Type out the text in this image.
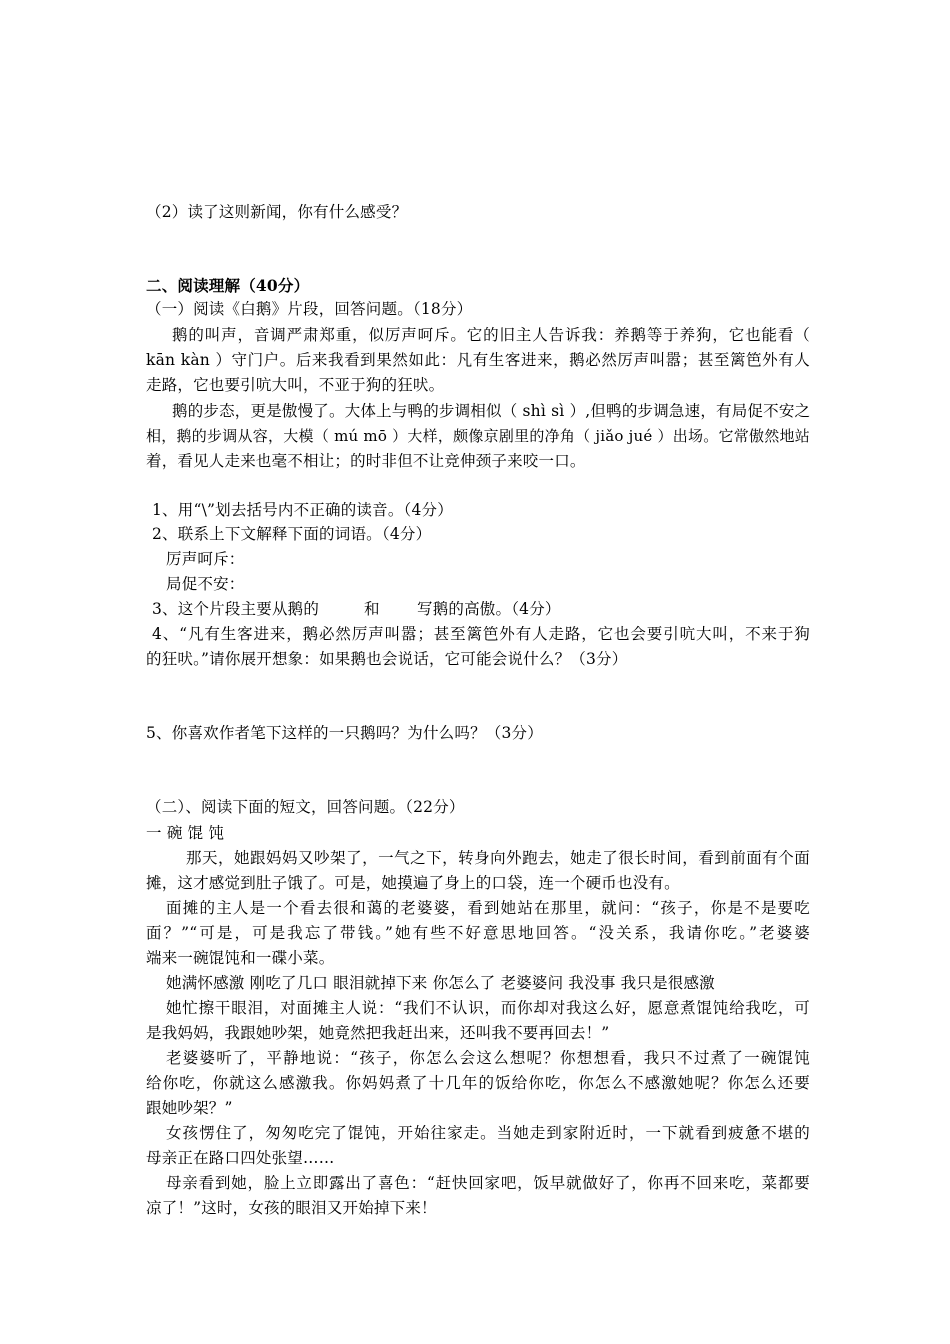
（2）读了这则新闻，你有什么感受？
二、阅读理解（40分）
（一）阅读《白鹅》片段，回答问题。（18分）
鹅的叫声，音调严肃郑重，似厉声呵斥。它的旧主人告诉我：养鹅等于养狗，它也能看（
kān kàn ）守门户。后来我看到果然如此：凡有生客进来，鹅必然厉声叫嚣；甚至篱笆外有人
走路，它也要引吭大叫，不亚于狗的狂吠。
鹅的步态，更是傲慢了。大体上与鸭的步调相似（ shì sì ）,但鸭的步调急速，有局促不安之
相，鹅的步调从容，大模（ mú mō ）大样，颇像京剧里的净角（ jiǎo jué ）出场。它常傲然地站
着，看见人走来也毫不相让；的时非但不让竞伸颈子来咬一口。
1、用“\”划去括号内不正确的读音。（4分）
2、联系上下文解释下面的词语。（4分）
厉声呵斥：
局促不安：
3、这个片段主要从鹅的	和 写鹅的高傲。（4分）
4、“凡有生客进来，鹅必然厉声叫嚣；甚至篱笆外有人走路，它也会要引吭大叫，不来于狗
的狂吠。”请你展开想象：如果鹅也会说话，它可能会说什么？（3分）
5、你喜欢作者笔下这样的一只鹅吗？为什么吗？（3分）
（二）、阅读下面的短文，回答问题。（22分）
一 碗 馄 饨
那天，她跟妈妈又吵架了，一气之下，转身向外跑去，她走了很长时间，看到前面有个面
摊，这才感觉到肚子饿了。可是，她摸遍了身上的口袋，连一个硬币也没有。
面摊的主人是一个看去很和蔼的老婆婆，看到她站在那里，就问：“孩子，你是不是要吃
面？”“可是，可是我忘了带钱。”她有些不好意思地回答。“没关系，我请你吃。”老婆婆
端来一碗馄饨和一碟小菜。
她满怀感激 刚吃了几口 眼泪就掉下来 你怎么了 老婆婆问 我没事 我只是很感激
她忙擦干眼泪，对面摊主人说：“我们不认识，而你却对我这么好，愿意煮馄饨给我吃，可
是我妈妈，我跟她吵架，她竟然把我赶出来，还叫我不要再回去！”
老婆婆听了，平静地说：“孩子，你怎么会这么想呢？你想想看，我只不过煮了一碗馄饨
给你吃，你就这么感激我。你妈妈煮了十几年的饭给你吃，你怎么不感激她呢？你怎么还要
跟她吵架？”
女孩愣住了，匆匆吃完了馄饨，开始往家走。当她走到家附近时，一下就看到疲惫不堪的
母亲正在路口四处张望……
母亲看到她，脸上立即露出了喜色：“赶快回家吧，饭早就做好了，你再不回来吃，菜都要
凉了！”这时，女孩的眼泪又开始掉下来！
